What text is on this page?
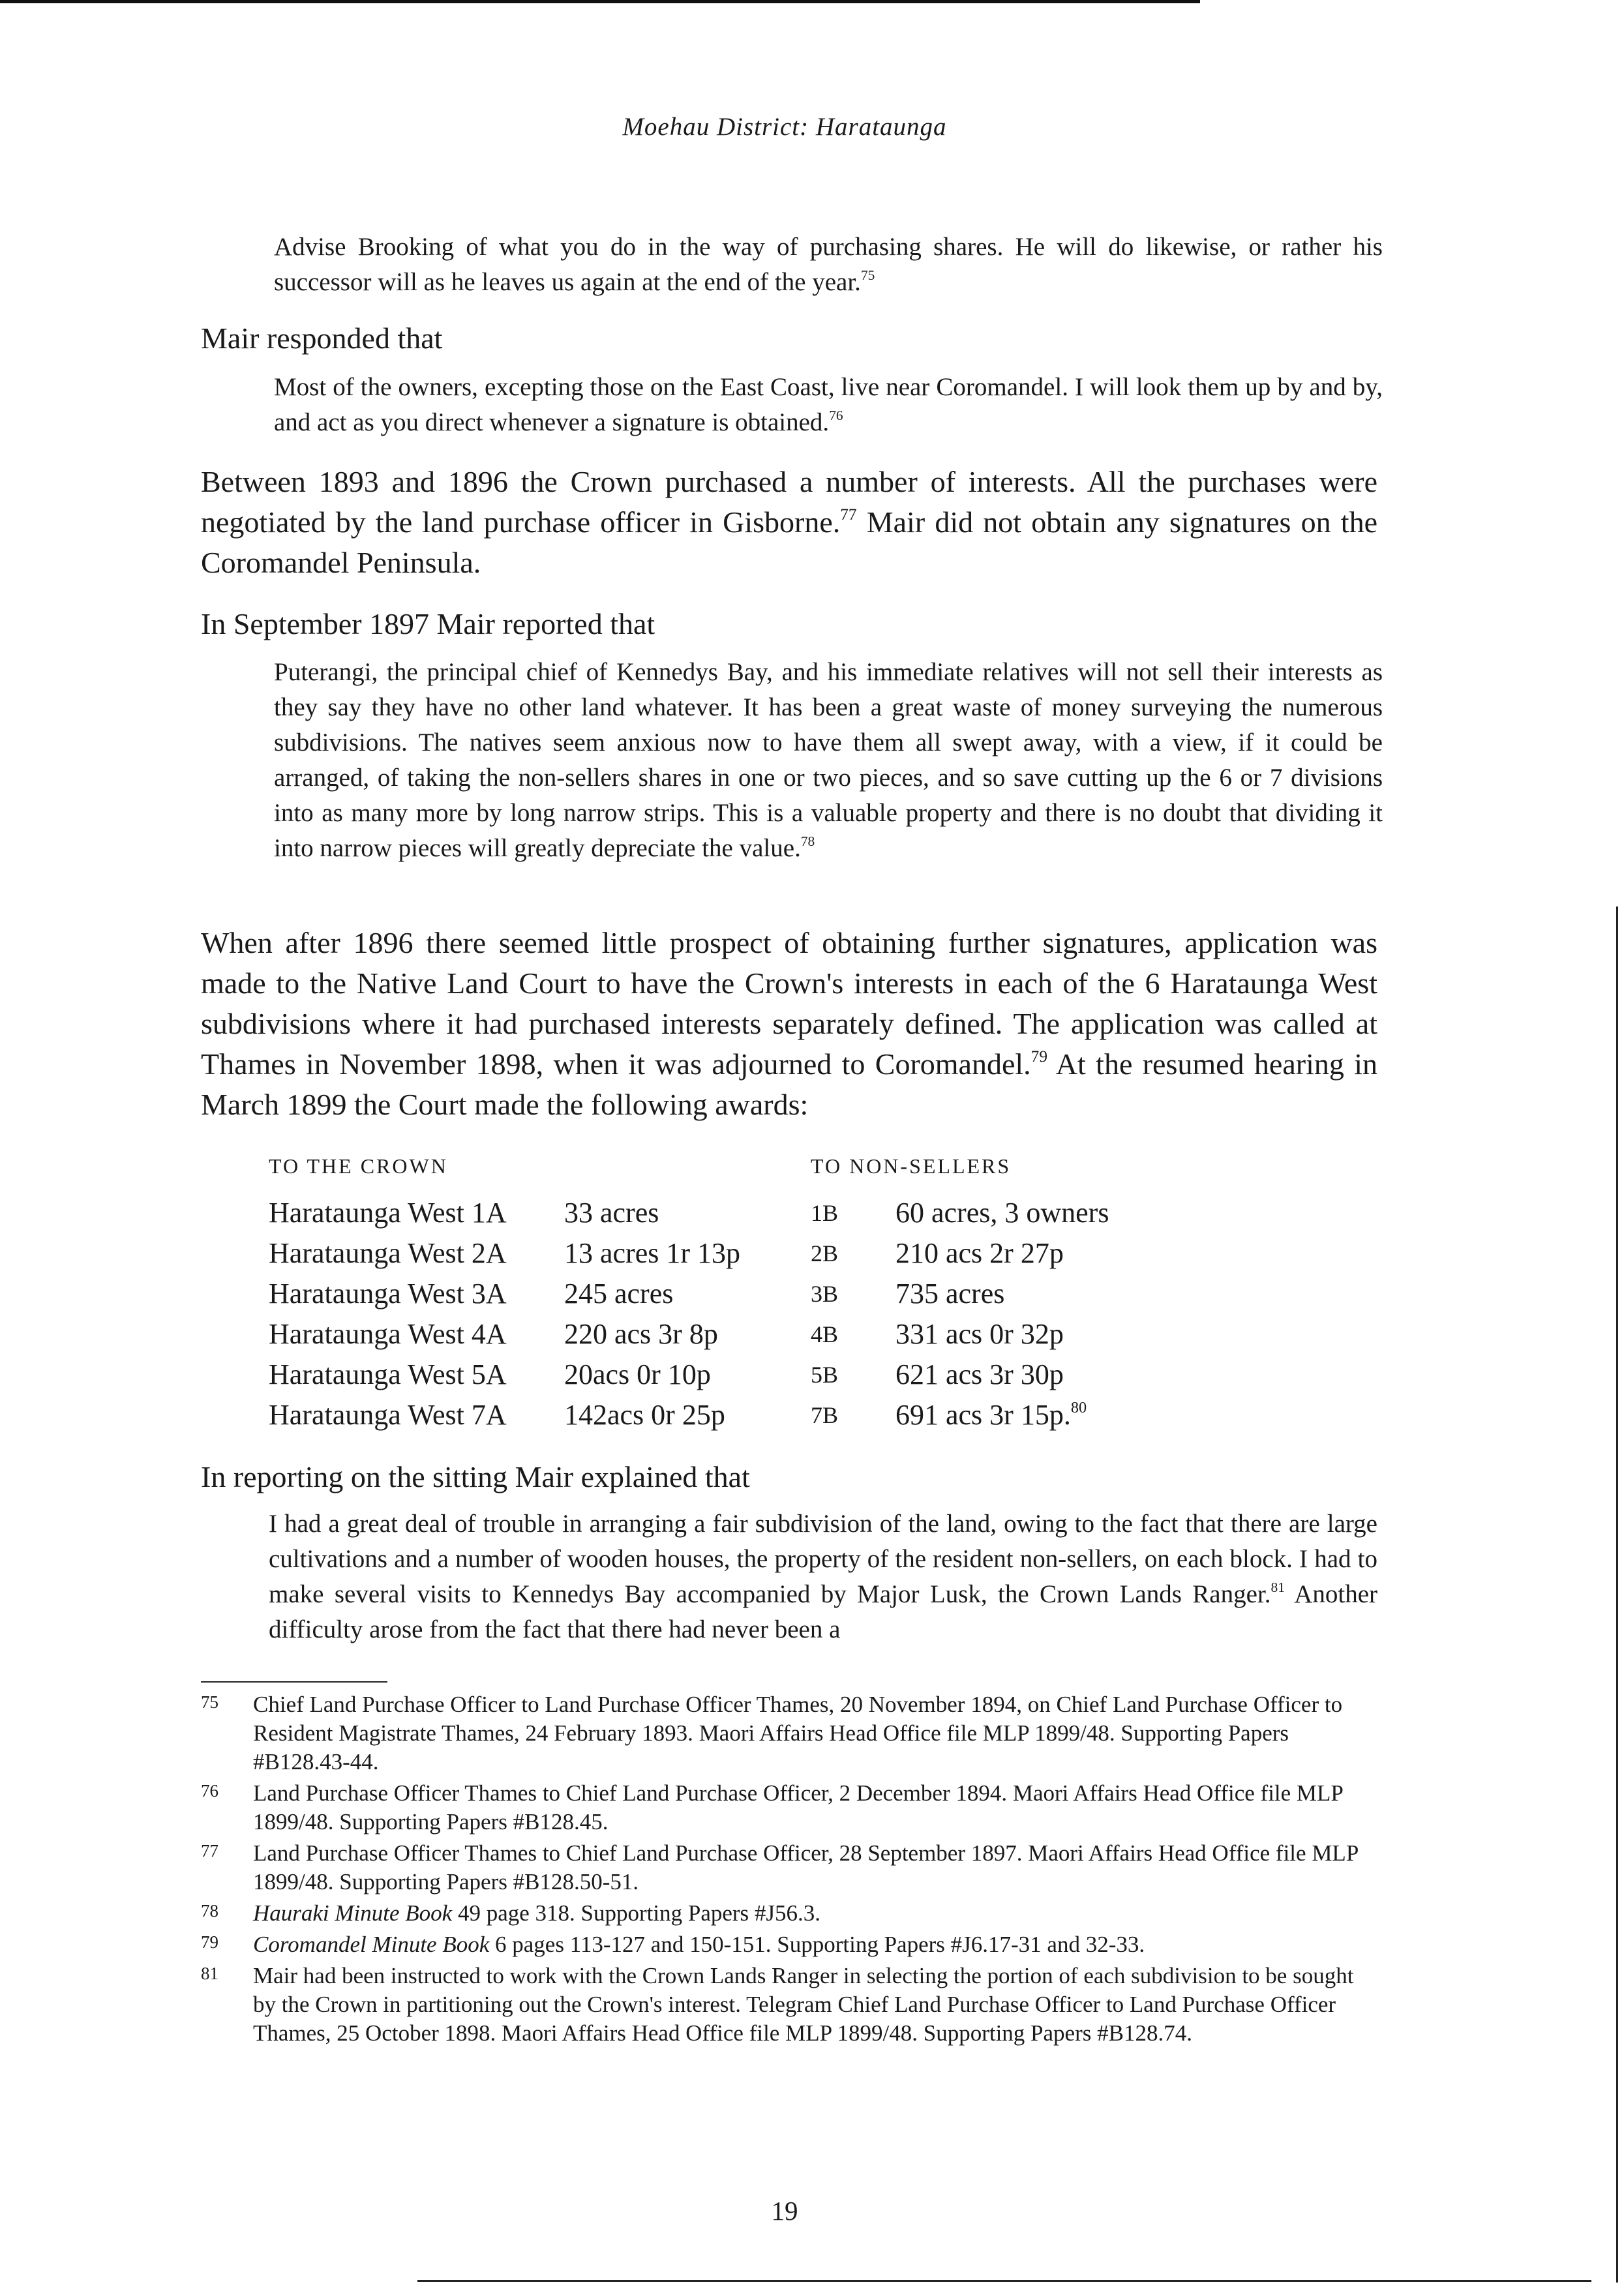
Moehau District: Harataunga

Advise Brooking of what you do in the way of purchasing shares. He will do likewise, or rather his successor will as he leaves us again at the end of the year.$^{75}$

Mair responded that

Most of the owners, excepting those on the East Coast, live near Coromandel. I will look them up by and by, and act as you direct whenever a signature is obtained.$^{76}$

Between 1893 and 1896 the Crown purchased a number of interests. All the purchases were negotiated by the land purchase officer in Gisborne.$^{77}$ Mair did not obtain any signatures on the Coromandel Peninsula.

In September 1897 Mair reported that

Puterangi, the principal chief of Kennedys Bay, and his immediate relatives will not sell their interests as they say they have no other land whatever. It has been a great waste of money surveying the numerous subdivisions. The natives seem anxious now to have them all swept away, with a view, if it could be arranged, of taking the non-sellers shares in one or two pieces, and so save cutting up the 6 or 7 divisions into as many more by long narrow strips. This is a valuable property and there is no doubt that dividing it into narrow pieces will greatly depreciate the value.$^{78}$

When after 1896 there seemed little prospect of obtaining further signatures, application was made to the Native Land Court to have the Crown's interests in each of the 6 Harataunga West subdivisions where it had purchased interests separately defined. The application was called at Thames in November 1898, when it was adjourned to Coromandel.$^{79}$ At the resumed hearing in March 1899 the Court made the following awards:

TO THE CROWN	TO NON-SELLERS
Harataunga West 1A	33 acres	1B	60 acres, 3 owners
Harataunga West 2A	13 acres 1r 13p	2B	210 acs 2r 27p
Harataunga West 3A	245 acres	3B	735 acres
Harataunga West 4A	220 acs 3r 8p	4B	331 acs 0r 32p
Harataunga West 5A	20acs 0r 10p	5B	621 acs 3r 30p
Harataunga West 7A	142acs 0r 25p	7B	691 acs 3r 15p.$^{80}$

In reporting on the sitting Mair explained that

I had a great deal of trouble in arranging a fair subdivision of the land, owing to the fact that there are large cultivations and a number of wooden houses, the property of the resident non-sellers, on each block. I had to make several visits to Kennedys Bay accompanied by Major Lusk, the Crown Lands Ranger.$^{81}$ Another difficulty arose from the fact that there had never been a

75	Chief Land Purchase Officer to Land Purchase Officer Thames, 20 November 1894, on Chief Land Purchase Officer to Resident Magistrate Thames, 24 February 1893. Maori Affairs Head Office file MLP 1899/48. Supporting Papers #B128.43-44.
76	Land Purchase Officer Thames to Chief Land Purchase Officer, 2 December 1894. Maori Affairs Head Office file MLP 1899/48. Supporting Papers #B128.45.
77	Land Purchase Officer Thames to Chief Land Purchase Officer, 28 September 1897. Maori Affairs Head Office file MLP 1899/48. Supporting Papers #B128.50-51.
78	Hauraki Minute Book 49 page 318. Supporting Papers #J56.3.
79	Coromandel Minute Book 6 pages 113-127 and 150-151. Supporting Papers #J6.17-31 and 32-33.
81	Mair had been instructed to work with the Crown Lands Ranger in selecting the portion of each subdivision to be sought by the Crown in partitioning out the Crown's interest. Telegram Chief Land Purchase Officer to Land Purchase Officer Thames, 25 October 1898. Maori Affairs Head Office file MLP 1899/48. Supporting Papers #B128.74.
19
